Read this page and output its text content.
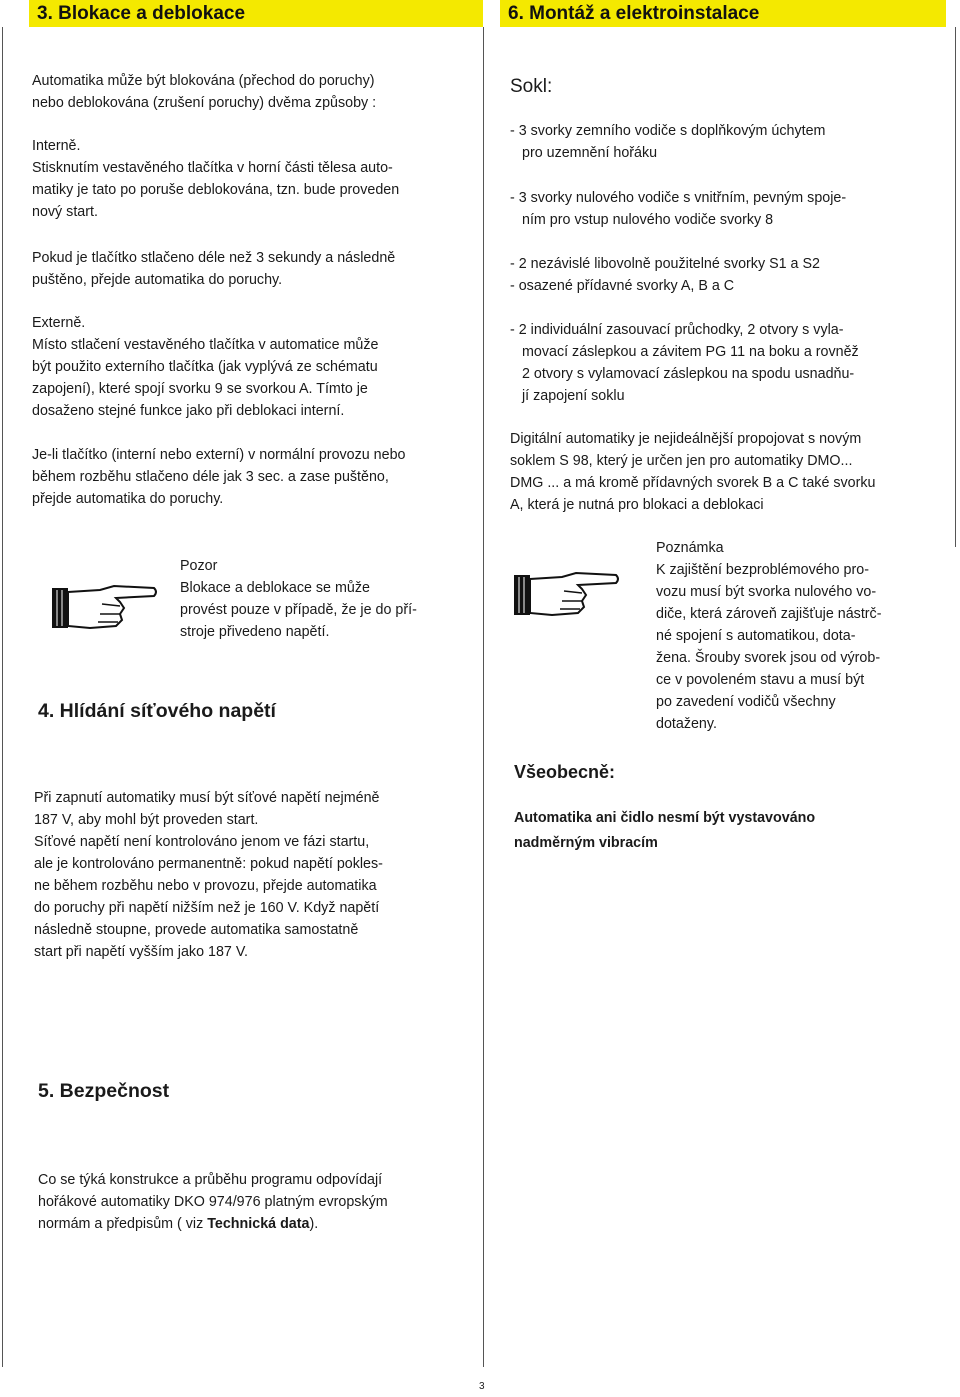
3. Blokace a deblokace	6. Montáž a elektroinstalace
Automatika může být blokována (přechod do poruchy)
nebo deblokována (zrušení poruchy) dvěma způsoby :
Interně.
Stisknutím vestavěného tlačítka v horní části tělesa auto-
matiky je tato po poruše deblokována, tzn. bude proveden
nový start.
Pokud je tlačítko stlačeno déle než 3 sekundy a následně
puštěno, přejde automatika do poruchy.
Externě.
Místo stlačení vestavěného tlačítka v automatice může
být použito externího tlačítka (jak vyplývá ze schématu
zapojení), které spojí svorku 9 se svorkou A. Tímto je
dosaženo stejné funkce jako při deblokaci interní.
Je-li tlačítko (interní nebo externí) v normální provozu nebo
během rozběhu stlačeno déle jak 3 sec. a zase puštěno,
přejde automatika do poruchy.
Pozor
Blokace a deblokace se může
provést pouze v případě, že je do pří-
stroje přivedeno napětí.
4. Hlídání síťového napětí
Při zapnutí automatiky musí být síťové napětí nejméně
187 V, aby mohl být proveden start.
Síťové napětí není kontrolováno jenom ve fázi startu,
ale je kontrolováno permanentně: pokud napětí pokles-
ne během rozběhu nebo v provozu, přejde automatika
do poruchy při napětí nižším než je 160 V. Když napětí
následně stoupne, provede automatika samostatně
start při napětí vyšším jako 187 V.
5. Bezpečnost
Co se týká konstrukce a průběhu programu odpovídají
hořákové automatiky DKO 974/976 platným evropským
normám a předpisům ( viz Technická data).
Sokl:
- 3 svorky zemního vodiče s doplňkovým úchytem
pro uzemnění hořáku
- 3 svorky nulového vodiče s vnitřním, pevným spoje-
ním pro vstup nulového vodiče svorky 8
- 2 nezávislé libovolně použitelné svorky S1 a S2
- osazené přídavné svorky A, B a C
- 2 individuální zasouvací průchodky, 2 otvory s vyla-
movací záslepkou a závitem PG 11 na boku a rovněž
2 otvory s vylamovací záslepkou na spodu usnadňu-
jí zapojení soklu
Digitální automatiky je nejideálnější propojovat s novým
soklem S 98, který je určen jen pro automatiky DMO...
DMG ... a má kromě přídavných svorek B a C také svorku
A, která je nutná pro blokaci a deblokaci
Poznámka
K zajištění bezproblémového pro-
vozu musí být svorka nulového vo-
diče, která zároveň zajišťuje nástrč-
né spojení s automatikou, dota-
žena. Šrouby svorek jsou od výrob-
ce v povoleném stavu a musí být
po zavedení vodičů všechny
dotaženy.
Všeobecně:
Automatika ani čidlo nesmí být vystavováno
nadměrným vibracím
3
